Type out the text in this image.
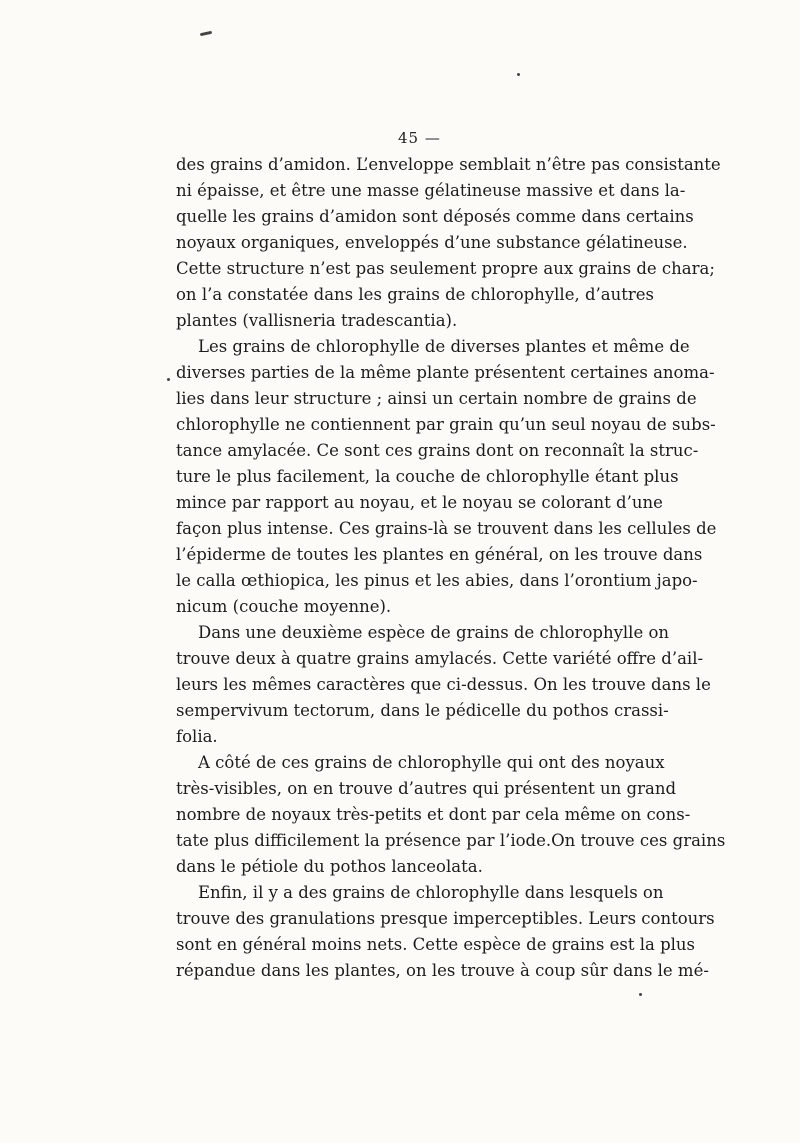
45 —
des grains d’amidon. L’enveloppe semblait n’être pas consistante
ni épaisse, et être une masse gélatineuse massive et dans la-
quelle les grains d’amidon sont déposés comme dans certains
noyaux organiques, enveloppés d’une substance gélatineuse.
Cette structure n’est pas seulement propre aux grains de chara;
on l’a constatée dans les grains de chlorophylle, d’autres
plantes (vallisneria tradescantia).
Les grains de chlorophylle de diverses plantes et même de
diverses parties de la même plante présentent certaines anoma-
lies dans leur structure ; ainsi un certain nombre de grains de
chlorophylle ne contiennent par grain qu’un seul noyau de subs-
tance amylacée. Ce sont ces grains dont on reconnaît la struc-
ture le plus facilement, la couche de chlorophylle étant plus
mince par rapport au noyau, et le noyau se colorant d’une
façon plus intense. Ces grains-là se trouvent dans les cellules de
l’épiderme de toutes les plantes en général, on les trouve dans
le calla œthiopica, les pinus et les abies, dans l’orontium japo-
nicum (couche moyenne).
Dans une deuxième espèce de grains de chlorophylle on
trouve deux à quatre grains amylacés. Cette variété offre d’ail-
leurs les mêmes caractères que ci-dessus. On les trouve dans le
sempervivum tectorum, dans le pédicelle du pothos crassi-
folia.
A côté de ces grains de chlorophylle qui ont des noyaux
très-visibles, on en trouve d’autres qui présentent un grand
nombre de noyaux très-petits et dont par cela même on cons-
tate plus difficilement la présence par l’iode.On trouve ces grains
dans le pétiole du pothos lanceolata.
Enfin, il y a des grains de chlorophylle dans lesquels on
trouve des granulations presque imperceptibles. Leurs contours
sont en général moins nets. Cette espèce de grains est la plus
répandue dans les plantes, on les trouve à coup sûr dans le mé-
